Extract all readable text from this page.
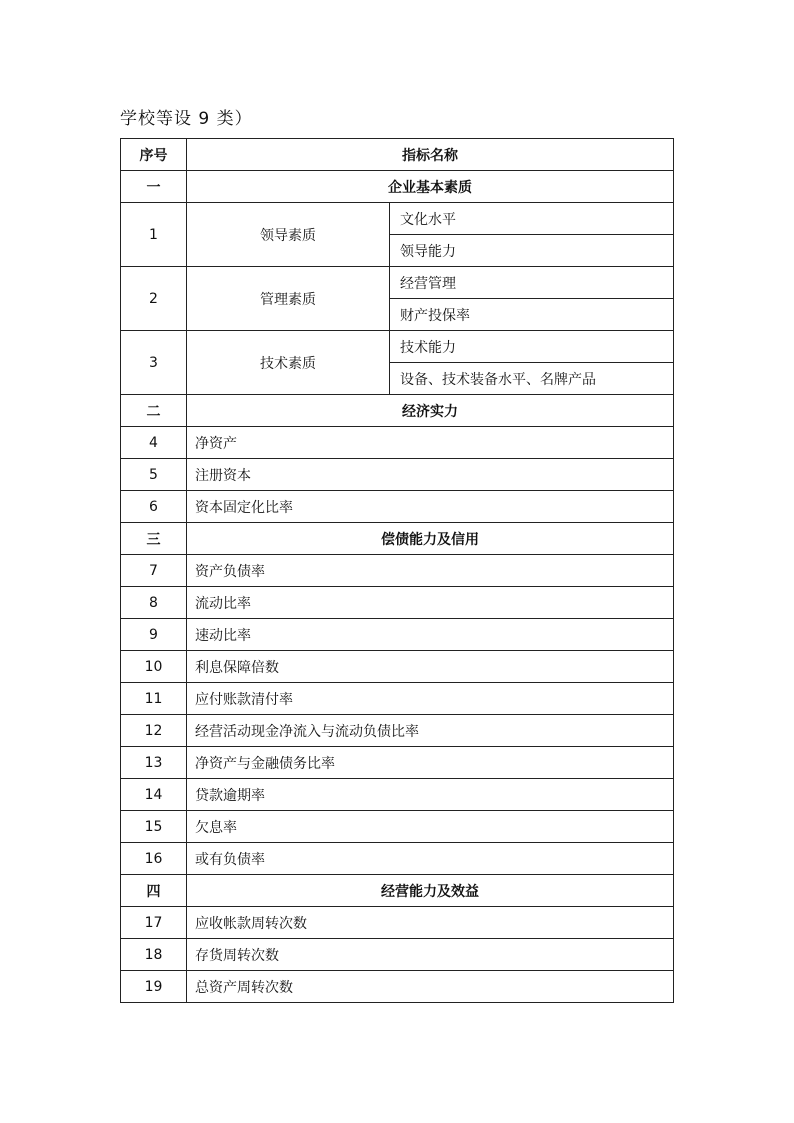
学校等设 9 类）
序号	指标名称	
一	企业基本素质	
1	领导素质	文化水平
		领导能力
2	管理素质	经营管理
		财产投保率
3	技术素质	技术能力
		设备、技术装备水平、名牌产品
二	经济实力	
4	净资产	
5	注册资本	
6	资本固定化比率	
三	偿债能力及信用	
7	资产负债率	
8	流动比率	
9	速动比率	
10	利息保障倍数	
11	应付账款清付率	
12	经营活动现金净流入与流动负债比率	
13	净资产与金融债务比率	
14	贷款逾期率	
15	欠息率	
16	或有负债率	
四	经营能力及效益	
17	应收帐款周转次数	
18	存货周转次数	
19	总资产周转次数	
